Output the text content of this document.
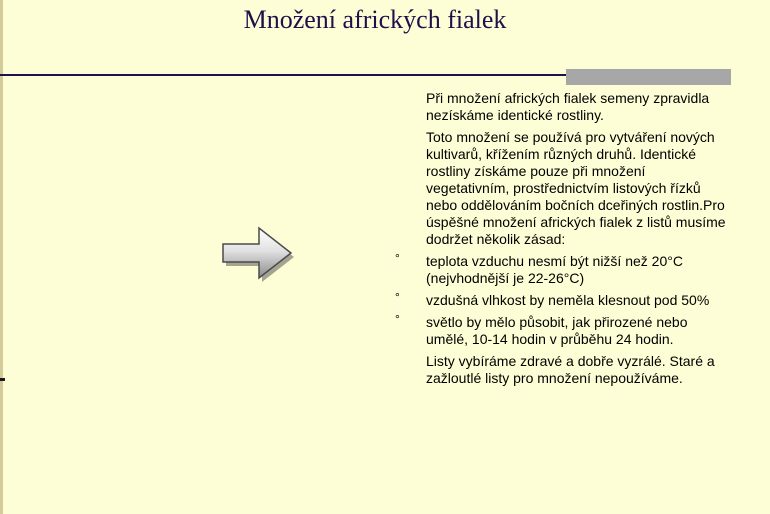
Množení afrických fialek

Při množení afrických fialek semeny zpravidla nezískáme identické rostliny.

Toto množení se používá pro vytváření nových kultivarů, křížením různých druhů. Identické rostliny získáme pouze při množení vegetativním, prostřednictvím listových řízků nebo oddělováním bočních dceřiných rostlin.Pro úspěšné množení afrických fialek z listů musíme dodržet několik zásad:

° teplota vzduchu nesmí být nižší než 20°C (nejvhodnější je 22-26°C)
° vzdušná vlhkost by neměla klesnout pod 50%
° světlo by mělo působit, jak přirozené nebo umělé, 10-14 hodin v průběhu 24 hodin.

Listy vybíráme zdravé a dobře vyzrálé. Staré a zažloutlé listy pro množení nepoužíváme.
